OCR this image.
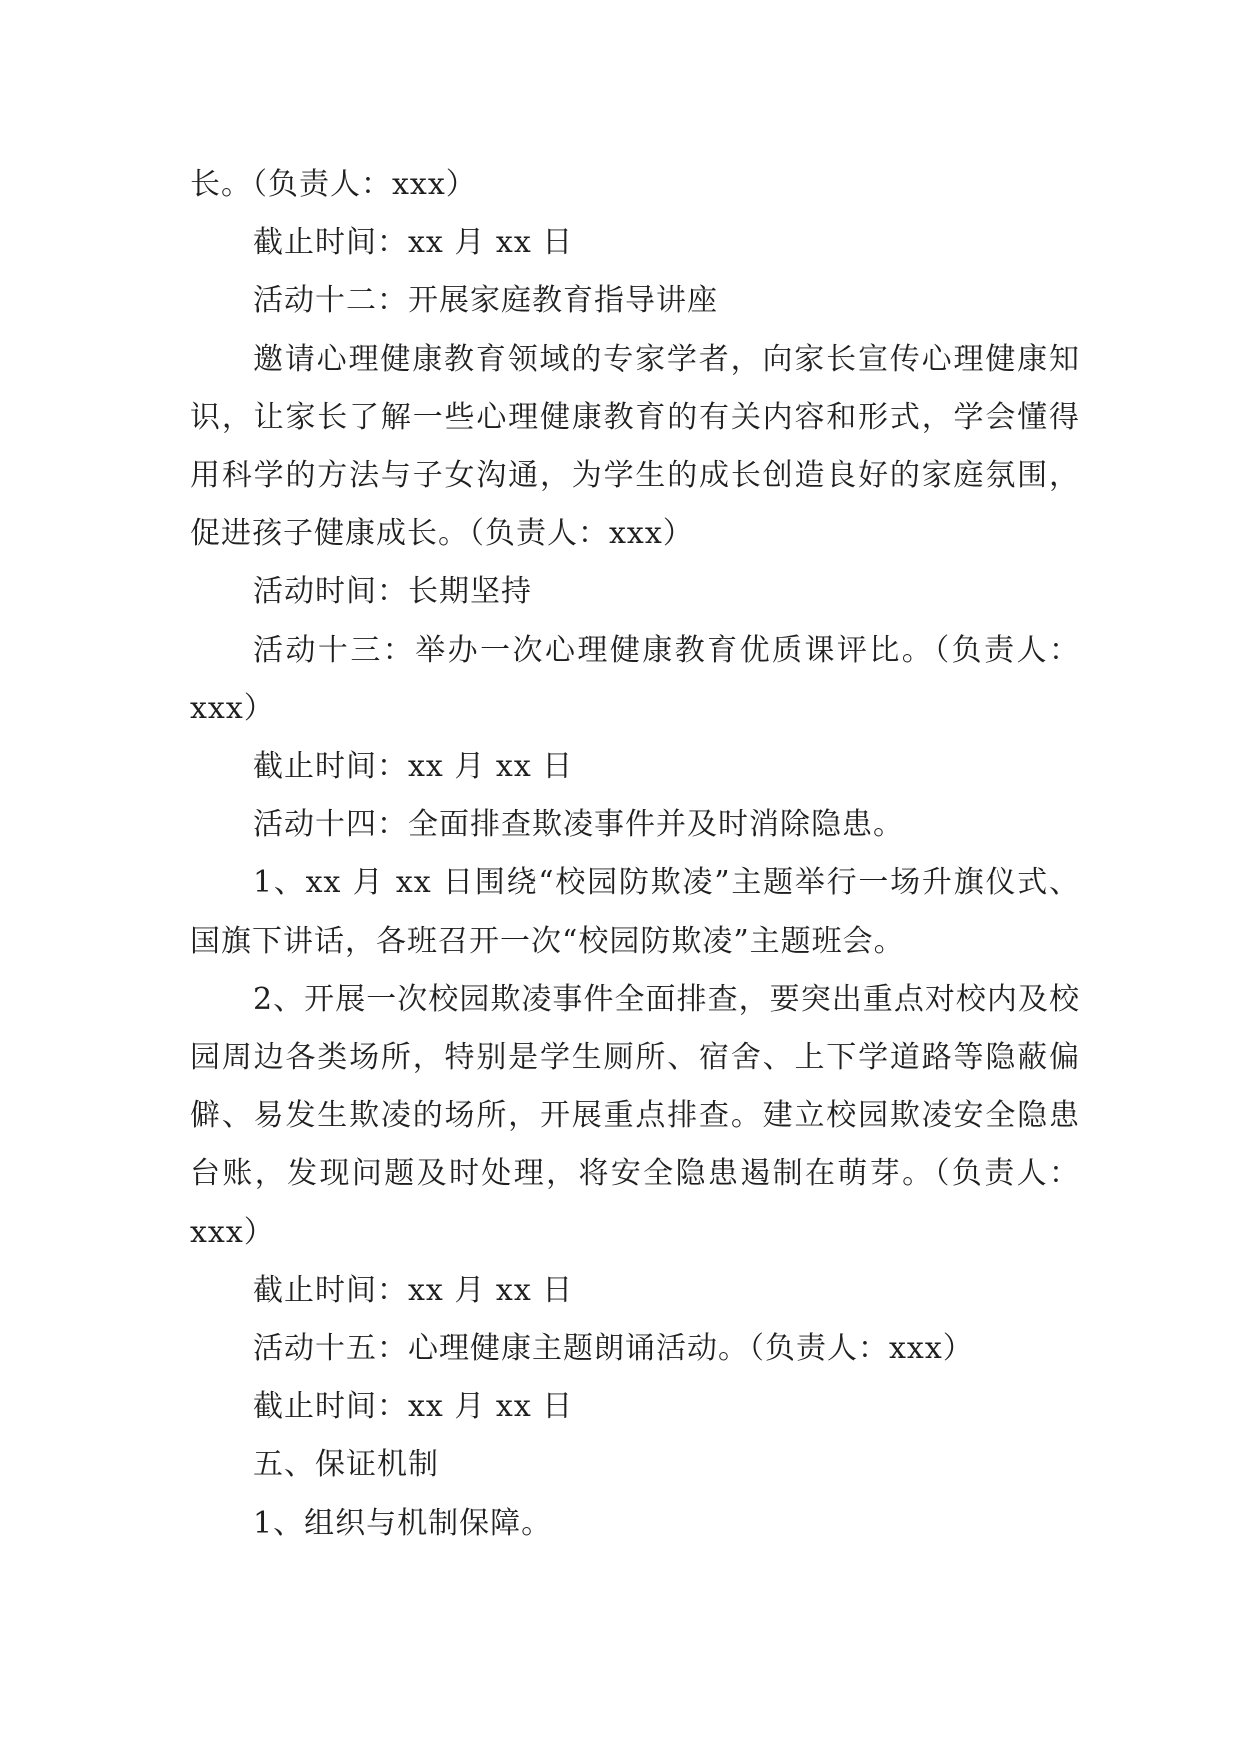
长。（负责人：xxx）

截止时间：xx 月 xx 日

活动十二：开展家庭教育指导讲座

邀请心理健康教育领域的专家学者，向家长宣传心理健康知识，让家长了解一些心理健康教育的有关内容和形式，学会懂得用科学的方法与子女沟通，为学生的成长创造良好的家庭氛围，促进孩子健康成长。（负责人：xxx）

活动时间：长期坚持

活动十三：举办一次心理健康教育优质课评比。（负责人：xxx）

截止时间：xx 月 xx 日

活动十四：全面排查欺凌事件并及时消除隐患。

1、xx 月 xx 日围绕“校园防欺凌”主题举行一场升旗仪式、国旗下讲话，各班召开一次“校园防欺凌”主题班会。

2、开展一次校园欺凌事件全面排查，要突出重点对校内及校园周边各类场所，特别是学生厕所、宿舍、上下学道路等隐蔽偏僻、易发生欺凌的场所，开展重点排查。建立校园欺凌安全隐患台账，发现问题及时处理，将安全隐患遏制在萌芽。（负责人：xxx）

截止时间：xx 月 xx 日

活动十五：心理健康主题朗诵活动。（负责人：xxx）

截止时间：xx 月 xx 日

五、保证机制

1、组织与机制保障。
